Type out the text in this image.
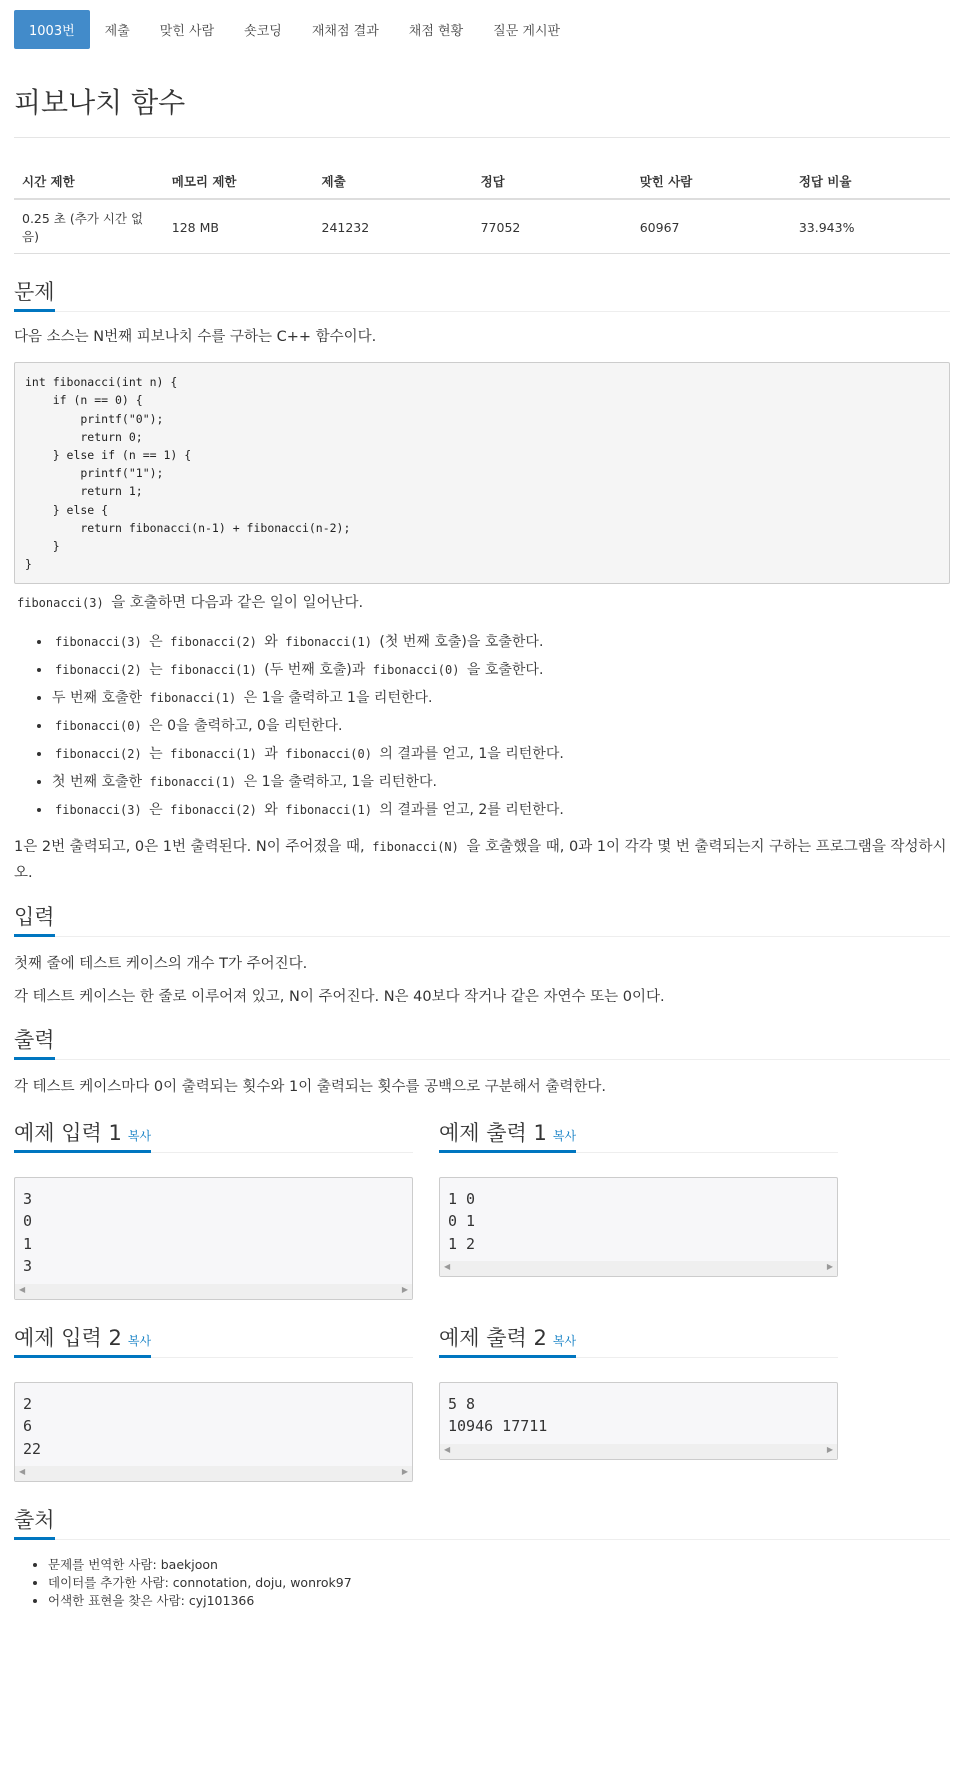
1003번	제출	맞힌 사람	숏코딩	재채점 결과	채점 현황	질문 게시판
피보나치 함수
시간 제한	메모리 제한	제출	정답	맞힌 사람	정답 비율
0.25 초 (추가 시간 없음)	128 MB	241232	77052	60967	33.943%
문제

다음 소스는 N번째 피보나치 수를 구하는 C++ 함수이다.

int fibonacci(int n) {
if (n == 0) {
printf("0");
return 0;
} else if (n == 1) {
printf("1");
return 1;
} else {
return fibonacci(n-1) + fibonacci(n-2);
}
}

fibonacci(3) 을 호출하면 다음과 같은 일이 일어난다.

• fibonacci(3) 은 fibonacci(2) 와 fibonacci(1) (첫 번째 호출)을 호출한다.
• fibonacci(2) 는 fibonacci(1) (두 번째 호출)과 fibonacci(0) 을 호출한다.
• 두 번째 호출한 fibonacci(1) 은 1을 출력하고 1을 리턴한다.
• fibonacci(0) 은 0을 출력하고, 0을 리턴한다.
• fibonacci(2) 는 fibonacci(1) 과 fibonacci(0) 의 결과를 얻고, 1을 리턴한다.
• 첫 번째 호출한 fibonacci(1) 은 1을 출력하고, 1을 리턴한다.
• fibonacci(3) 은 fibonacci(2) 와 fibonacci(1) 의 결과를 얻고, 2를 리턴한다.

1은 2번 출력되고, 0은 1번 출력된다. N이 주어졌을 때, fibonacci(N) 을 호출했을 때, 0과 1이 각각 몇 번 출력되는지 구하는 프로그램을 작성하시오.

입력

첫째 줄에 테스트 케이스의 개수 T가 주어진다.

각 테스트 케이스는 한 줄로 이루어져 있고, N이 주어진다. N은 40보다 작거나 같은 자연수 또는 0이다.

출력

각 테스트 케이스마다 0이 출력되는 횟수와 1이 출력되는 횟수를 공백으로 구분해서 출력한다.

예제 입력 1 복사
3
0
1
3
◀	▶
예제 출력 1 복사
1 0
0 1
1 2
◀	▶
예제 입력 2 복사
2
6
22
◀	▶
예제 출력 2 복사
5 8
10946 17711
◀	▶
출처
• 문제를 번역한 사람: baekjoon
• 데이터를 추가한 사람: connotation, doju, wonrok97
• 어색한 표현을 찾은 사람: cyj101366
